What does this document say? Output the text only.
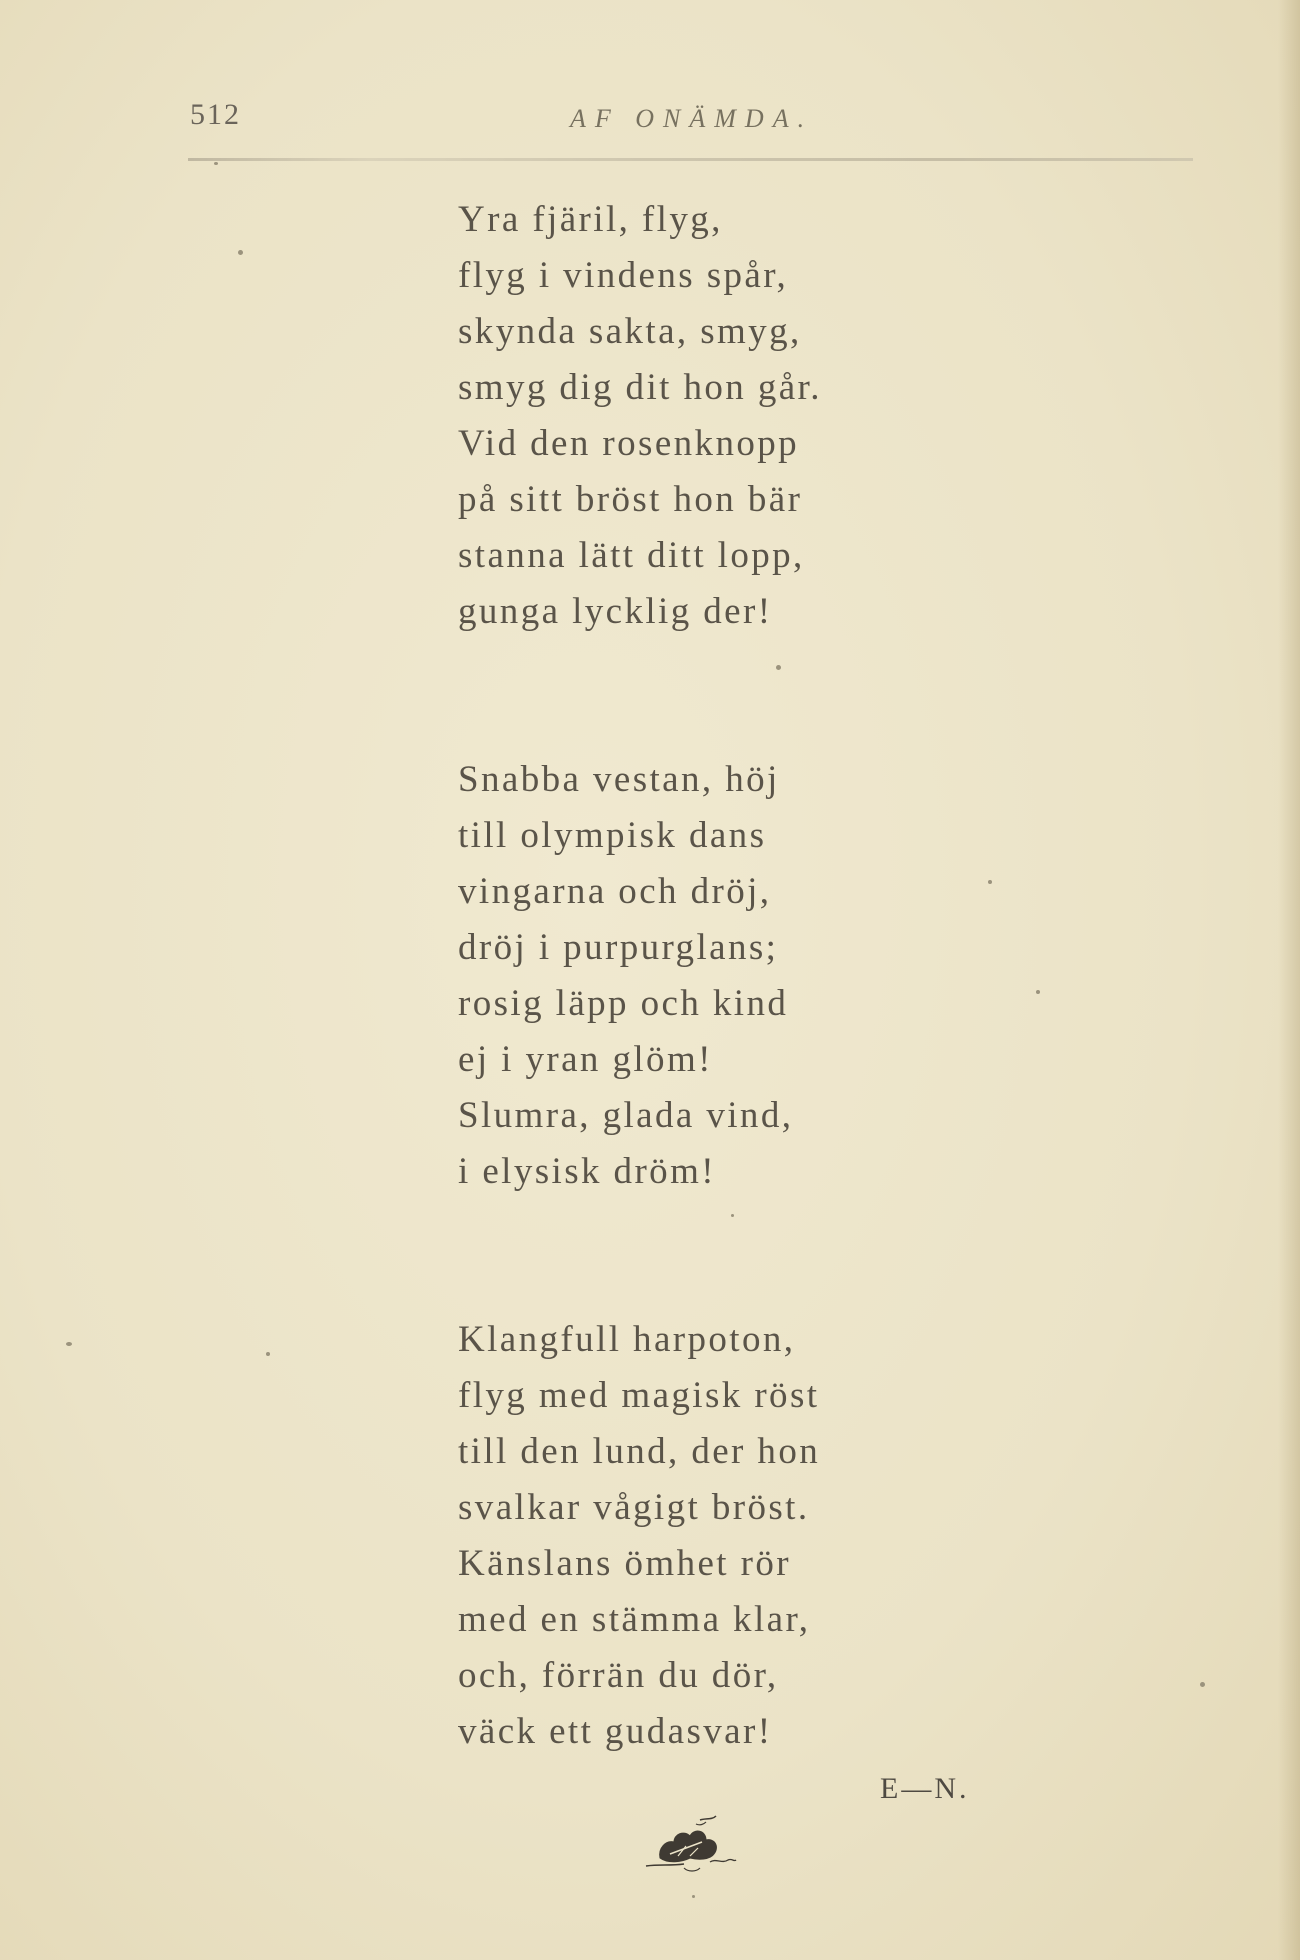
512	AF ONÄMDA.
Yra fjäril, flyg,
flyg i vindens spår,
skynda sakta, smyg,
smyg dig dit hon går.
Vid den rosenknopp
på sitt bröst hon bär
stanna lätt ditt lopp,
gunga lycklig der!
Snabba vestan, höj
till olympisk dans
vingarna och dröj,
dröj i purpurglans;
rosig läpp och kind
ej i yran glöm!
Slumra, glada vind,
i elysisk dröm!
Klangfull harpoton,
flyg med magisk röst
till den lund, der hon
svalkar vågigt bröst.
Känslans ömhet rör
med en stämma klar,
och, förrän du dör,
väck ett gudasvar!
E—N.
